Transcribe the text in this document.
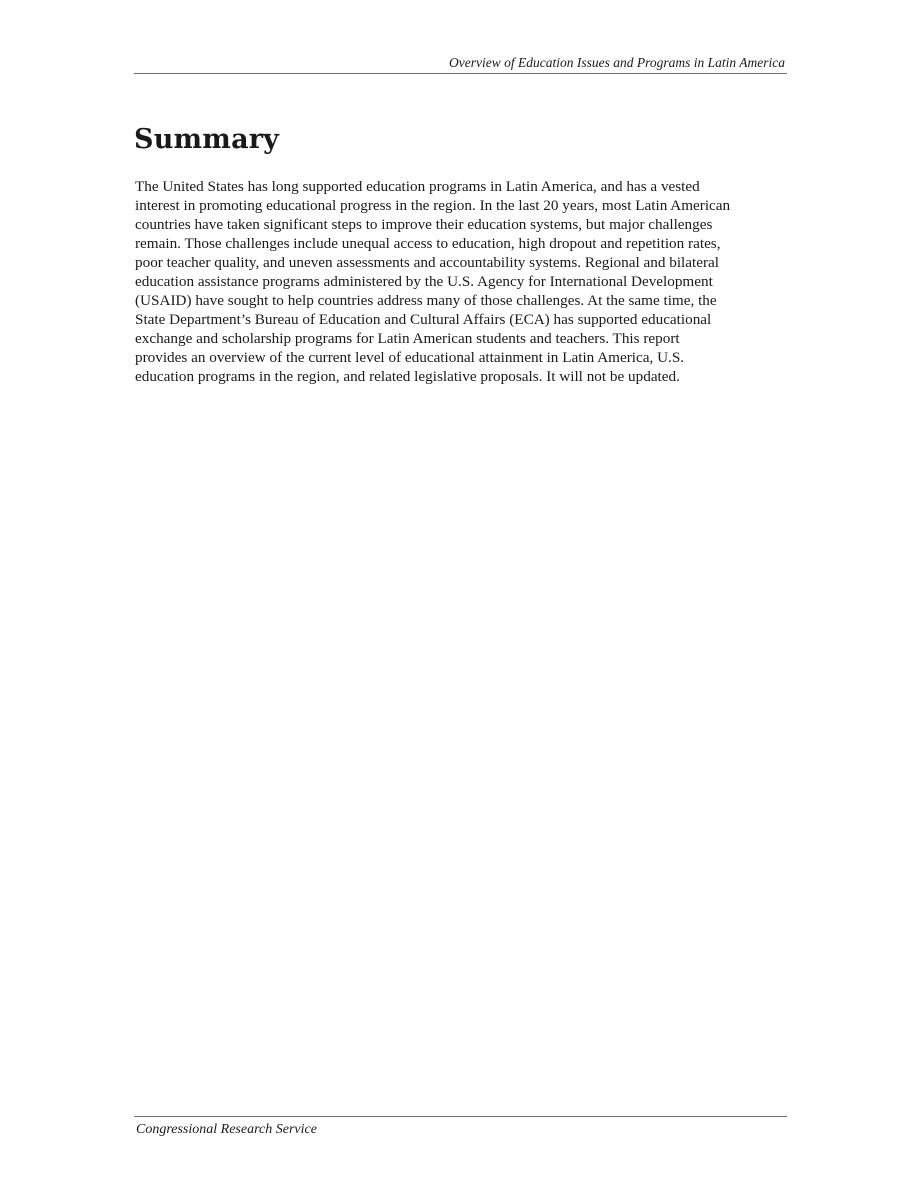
Overview of Education Issues and Programs in Latin America
Summary

The United States has long supported education programs in Latin America, and has a vested
interest in promoting educational progress in the region. In the last 20 years, most Latin American
countries have taken significant steps to improve their education systems, but major challenges
remain. Those challenges include unequal access to education, high dropout and repetition rates,
poor teacher quality, and uneven assessments and accountability systems. Regional and bilateral
education assistance programs administered by the U.S. Agency for International Development
(USAID) have sought to help countries address many of those challenges. At the same time, the
State Department’s Bureau of Education and Cultural Affairs (ECA) has supported educational
exchange and scholarship programs for Latin American students and teachers. This report
provides an overview of the current level of educational attainment in Latin America, U.S.
education programs in the region, and related legislative proposals. It will not be updated.

Congressional Research Service
